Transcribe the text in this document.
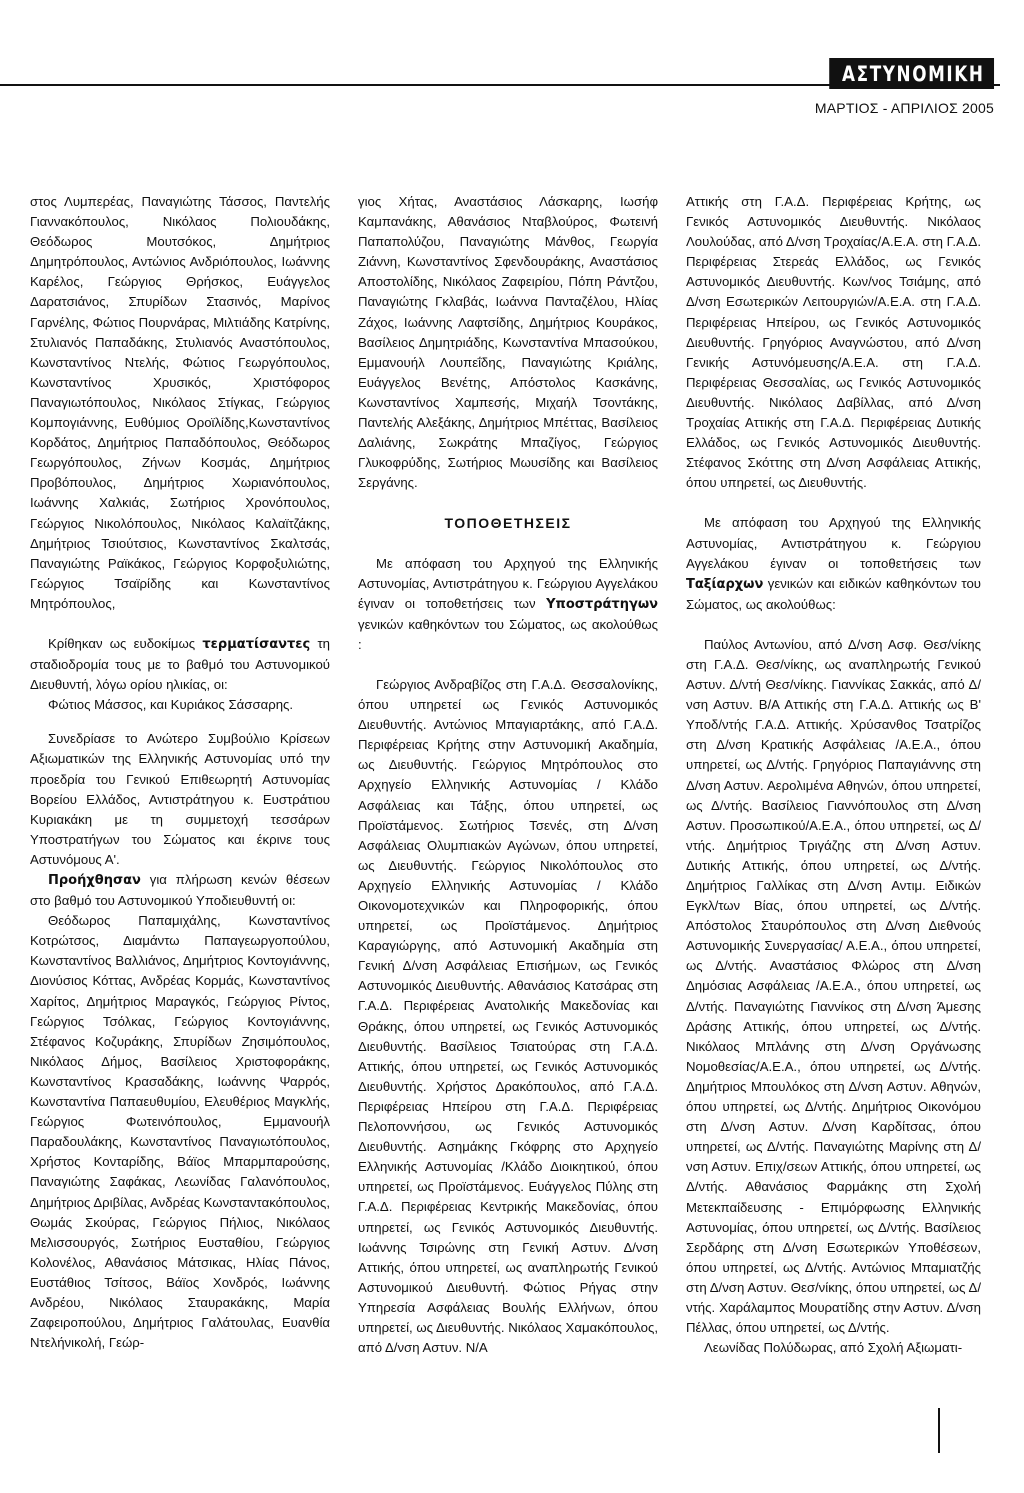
ΑΣΤΥΝΟΜΙΚΗ
ΜΑΡΤΙΟΣ - ΑΠΡΙΛΙΟΣ 2005

στος Λυμπερέας, Παναγιώτης Τάσσος, Παντελής Γιαννακόπουλος, Νικόλαος Πολιουδάκης, Θεόδωρος Μουτσόκος, Δημήτριος Δημητρόπουλος, Αντώνιος Ανδριόπουλος, Ιωάννης Καρέλος, Γεώργιος Θρήσκος, Ευάγγελος Δαρατσιάνος, Σπυρίδων Στασινός, Μαρίνος Γαρνέλης, Φώτιος Πουρνάρας, Μιλτιάδης Κατρίνης, Στυλιανός Παπαδάκης, Στυλιανός Αναστόπουλος, Κωνσταντίνος Ντελής, Φώτιος Γεωργόπουλος, Κωνσταντίνος Χρυσικός, Χριστόφορος Παναγιωτόπουλος, Νικόλαος Στίγκας, Γεώργιος Κομπογιάννης, Ευθύμιος Οροϊλίδης,Κωνσταντίνος Κορδάτος, Δημήτριος Παπαδόπουλος, Θεόδωρος Γεωργόπουλος, Ζήνων Κοσμάς, Δημήτριος Προβόπουλος, Δημήτριος Χωριανόπουλος, Ιωάννης Χαλκιάς, Σωτήριος Χρονόπουλος, Γεώργιος Νικολόπουλος, Νικόλαος Καλαϊτζάκης, Δημήτριος Τσιούτσιος, Κωνσταντίνος Σκαλτσάς, Παναγιώτης Ραϊκάκος, Γεώργιος Κορφοξυλιώτης, Γεώργιος Τσαϊρίδης και Κωνσταντίνος Μητρόπουλος,

Κρίθηκαν ως ευδοκίμως τερματίσαντες τη σταδιοδρομία τους με το βαθμό του Αστυνομικού Διευθυντή, λόγω ορίου ηλικίας, οι:

Φώτιος Μάσσος, και Κυριάκος Σάσσαρης.

Συνεδρίασε το Ανώτερο Συμβούλιο Κρίσεων Αξιωματικών της Ελληνικής Αστυνομίας υπό την προεδρία του Γενικού Επιθεωρητή Αστυνομίας Βορείου Ελλάδος, Αντιστράτηγου κ. Ευστράτιου Κυριακάκη με τη συμμετοχή τεσσάρων Υποστρατήγων του Σώματος και έκρινε τους Αστυνόμους Α'.

Προήχθησαν για πλήρωση κενών θέσεων στο βαθμό του Αστυνομικού Υποδιευθυντή οι:

Θεόδωρος Παπαμιχάλης, Κωνσταντίνος Κοτρώτσος, Διαμάντω Παπαγεωργοπούλου, Κωνσταντίνος Βαλλιάνος, Δημήτριος Κοντογιάννης, Διονύσιος Κόττας, Ανδρέας Κορμάς, Κωνσταντίνος Χαρίτος, Δημήτριος Μαραγκός, Γεώργιος Ρίντος, Γεώργιος Τσόλκας, Γεώργιος Κοντογιάννης, Στέφανος Κοζυράκης, Σπυρίδων Ζησιμόπουλος, Νικόλαος Δήμος, Βασίλειος Χριστοφοράκης, Κωνσταντίνος Κρασαδάκης, Ιωάννης Ψαρρός, Κωνσταντίνα Παπαευθυμίου, Ελευθέριος Μαγκλής, Γεώργιος Φωτεινόπουλος, Εμμανουήλ Παραδουλάκης, Κωνσταντίνος Παναγιωτόπουλος, Χρήστος Κονταρίδης, Βάϊος Μπαρμπαρούσης, Παναγιώτης Σαφάκας, Λεωνίδας Γαλανόπουλος, Δημήτριος Δριβίλας, Ανδρέας Κωνσταντακόπουλος, Θωμάς Σκούρας, Γεώργιος Πήλιος, Νικόλαος Μελισσουργός, Σωτήριος Ευσταθίου, Γεώργιος Κολονέλος, Αθανάσιος Μάτσικας, Ηλίας Πάνος, Ευστάθιος Τσίτσος, Βάϊος Χονδρός, Ιωάννης Ανδρέου, Νικόλαος Σταυρακάκης, Μαρία Ζαφειροπούλου, Δημήτριος Γαλάτουλας, Ευανθία Ντελήνικολή, Γεώρ-

γιος Χήτας, Αναστάσιος Λάσκαρης, Ιωσήφ Καμπανάκης, Αθανάσιος Νταβλούρος, Φωτεινή Παπαπολύζου, Παναγιώτης Μάνθος, Γεωργία Ζιάννη, Κωνσταντίνος Σφενδουράκης, Αναστάσιος Αποστολίδης, Νικόλαος Ζαφειρίου, Πόπη Ράντζου, Παναγιώτης Γκλαβάς, Ιωάννα Πανταζέλου, Ηλίας Ζάχος, Ιωάννης Λαφτσίδης, Δημήτριος Κουράκος, Βασίλειος Δημητριάδης, Κωνσταντίνα Μπασούκου, Εμμανουήλ Λουπεΐδης, Παναγιώτης Κριάλης, Ευάγγελος Βενέτης, Απόστολος Κασκάνης, Κωνσταντίνος Χαμπεσής, Μιχαήλ Τσοντάκης, Παντελής Αλεξάκης, Δημήτριος Μπέττας, Βασίλειος Δαλιάνης, Σωκράτης Μπαζίγος, Γεώργιος Γλυκοφρύδης, Σωτήριος Μωυσίδης και Βασίλειος Σεργάνης.

ΤΟΠΟΘΕΤΗΣΕΙΣ

Με απόφαση του Αρχηγού της Ελληνικής Αστυνομίας, Αντιστράτηγου κ. Γεώργιου Αγγελάκου έγιναν οι τοποθετήσεις των Υποστράτηγων γενικών καθηκόντων του Σώματος, ως ακολούθως :

Γεώργιος Ανδραβίζος στη Γ.Α.Δ. Θεσσαλονίκης, όπου υπηρετεί ως Γενικός Αστυνομικός Διευθυντής. Αντώνιος Μπαγιαρτάκης, από Γ.Α.Δ. Περιφέρειας Κρήτης στην Αστυνομική Ακαδημία, ως Διευθυντής. Γεώργιος Μητρόπουλος στο Αρχηγείο Ελληνικής Αστυνομίας / Κλάδο Ασφάλειας και Τάξης, όπου υπηρετεί, ως Προϊστάμενος. Σωτήριος Τσενές, στη Δ/νση Ασφάλειας Ολυμπιακών Αγώνων, όπου υπηρετεί, ως Διευθυντής. Γεώργιος Νικολόπουλος στο Αρχηγείο Ελληνικής Αστυνομίας / Κλάδο Οικονομοτεχνικών και Πληροφορικής, όπου υπηρετεί, ως Προϊστάμενος. Δημήτριος Καραγιώργης, από Αστυνομική Ακαδημία στη Γενική Δ/νση Ασφάλειας Επισήμων, ως Γενικός Αστυνομικός Διευθυντής. Αθανάσιος Κατσάρας στη Γ.Α.Δ. Περιφέρειας Ανατολικής Μακεδονίας και Θράκης, όπου υπηρετεί, ως Γενικός Αστυνομικός Διευθυντής. Βασίλειος Τσιατούρας στη Γ.Α.Δ. Αττικής, όπου υπηρετεί, ως Γενικός Αστυνομικός Διευθυντής. Χρήστος Δρακόπουλος, από Γ.Α.Δ. Περιφέρειας Ηπείρου στη Γ.Α.Δ. Περιφέρειας Πελοποννήσου, ως Γενικός Αστυνομικός Διευθυντής. Ασημάκης Γκόφρης στο Αρχηγείο Ελληνικής Αστυνομίας /Κλάδο Διοικητικού, όπου υπηρετεί, ως Προϊστάμενος. Ευάγγελος Πύλης στη Γ.Α.Δ. Περιφέρειας Κεντρικής Μακεδονίας, όπου υπηρετεί, ως Γενικός Αστυνομικός Διευθυντής. Ιωάννης Τσιρώνης στη Γενική Αστυν. Δ/νση Αττικής, όπου υπηρετεί, ως αναπληρωτής Γενικού Αστυνομικού Διευθυντή. Φώτιος Ρήγας στην Υπηρεσία Ασφάλειας Βουλής Ελλήνων, όπου υπηρετεί, ως Διευθυντής. Νικόλαος Χαμακόπουλος, από Δ/νση Αστυν. Ν/Α

Αττικής στη Γ.Α.Δ. Περιφέρειας Κρήτης, ως Γενικός Αστυνομικός Διευθυντής. Νικόλαος Λουλούδας, από Δ/νση Τροχαίας/Α.Ε.Α. στη Γ.Α.Δ. Περιφέρειας Στερεάς Ελλάδος, ως Γενικός Αστυνομικός Διευθυντής. Κων/νος Τσιάμης, από Δ/νση Εσωτερικών Λειτουργιών/Α.Ε.Α. στη Γ.Α.Δ. Περιφέρειας Ηπείρου, ως Γενικός Αστυνομικός Διευθυντής. Γρηγόριος Αναγνώστου, από Δ/νση Γενικής Αστυνόμευσης/Α.Ε.Α. στη Γ.Α.Δ. Περιφέρειας Θεσσαλίας, ως Γενικός Αστυνομικός Διευθυντής. Νικόλαος Δαβίλλας, από Δ/νση Τροχαίας Αττικής στη Γ.Α.Δ. Περιφέρειας Δυτικής Ελλάδος, ως Γενικός Αστυνομικός Διευθυντής. Στέφανος Σκόττης στη Δ/νση Ασφάλειας Αττικής, όπου υπηρετεί, ως Διευθυντής.

Με απόφαση του Αρχηγού της Ελληνικής Αστυνομίας, Αντιστράτηγου κ. Γεώργιου Αγγελάκου έγιναν οι τοποθετήσεις των Ταξίαρχων γενικών και ειδικών καθηκόντων του Σώματος, ως ακολούθως:

Παύλος Αντωνίου, από Δ/νση Ασφ. Θεσ/νίκης στη Γ.Α.Δ. Θεσ/νίκης, ως αναπληρωτής Γενικού Αστυν. Δ/ντή Θεσ/νίκης. Γιαννίκας Σακκάς, από Δ/νση Αστυν. Β/Α Αττικής στη Γ.Α.Δ. Αττικής ως Β' Υποδ/ντής Γ.Α.Δ. Αττικής. Χρύσανθος Τσατρίζος στη Δ/νση Κρατικής Ασφάλειας /Α.Ε.Α., όπου υπηρετεί, ως Δ/ντής. Γρηγόριος Παπαγιάννης στη Δ/νση Αστυν. Αερολιμένα Αθηνών, όπου υπηρετεί, ως Δ/ντής. Βασίλειος Γιαννόπουλος στη Δ/νση Αστυν. Προσωπικού/Α.Ε.Α., όπου υπηρετεί, ως Δ/ντής. Δημήτριος Τριγάζης στη Δ/νση Αστυν. Δυτικής Αττικής, όπου υπηρετεί, ως Δ/ντής. Δημήτριος Γαλλίκας στη Δ/νση Αντιμ. Ειδικών Εγκλ/των Βίας, όπου υπηρετεί, ως Δ/ντής. Απόστολος Σταυρόπουλος στη Δ/νση Διεθνούς Αστυνομικής Συνεργασίας/ Α.Ε.Α., όπου υπηρετεί, ως Δ/ντής. Αναστάσιος Φλώρος στη Δ/νση Δημόσιας Ασφάλειας /Α.Ε.Α., όπου υπηρετεί, ως Δ/ντής. Παναγιώτης Γιαννίκος στη Δ/νση Άμεσης Δράσης Αττικής, όπου υπηρετεί, ως Δ/ντής. Νικόλαος Μπλάνης στη Δ/νση Οργάνωσης Νομοθεσίας/Α.Ε.Α., όπου υπηρετεί, ως Δ/ντής. Δημήτριος Μπουλόκος στη Δ/νση Αστυν. Αθηνών, όπου υπηρετεί, ως Δ/ντής. Δημήτριος Οικονόμου στη Δ/νση Αστυν. Δ/νση Καρδίτσας, όπου υπηρετεί, ως Δ/ντής. Παναγιώτης Μαρίνης στη Δ/νση Αστυν. Επιχ/σεων Αττικής, όπου υπηρετεί, ως Δ/ντής. Αθανάσιος Φαρμάκης στη Σχολή Μετεκπαίδευσης - Επιμόρφωσης Ελληνικής Αστυνομίας, όπου υπηρετεί, ως Δ/ντής. Βασίλειος Σερδάρης στη Δ/νση Εσωτερικών Υποθέσεων, όπου υπηρετεί, ως Δ/ντής. Αντώνιος Μπαμιατζής στη Δ/νση Αστυν. Θεσ/νίκης, όπου υπηρετεί, ως Δ/ντής. Χαράλαμπος Μουρατίδης στην Αστυν. Δ/νση Πέλλας, όπου υπηρετεί, ως Δ/ντής.

Λεωνίδας Πολύδωρας, από Σχολή Αξιωματι-
